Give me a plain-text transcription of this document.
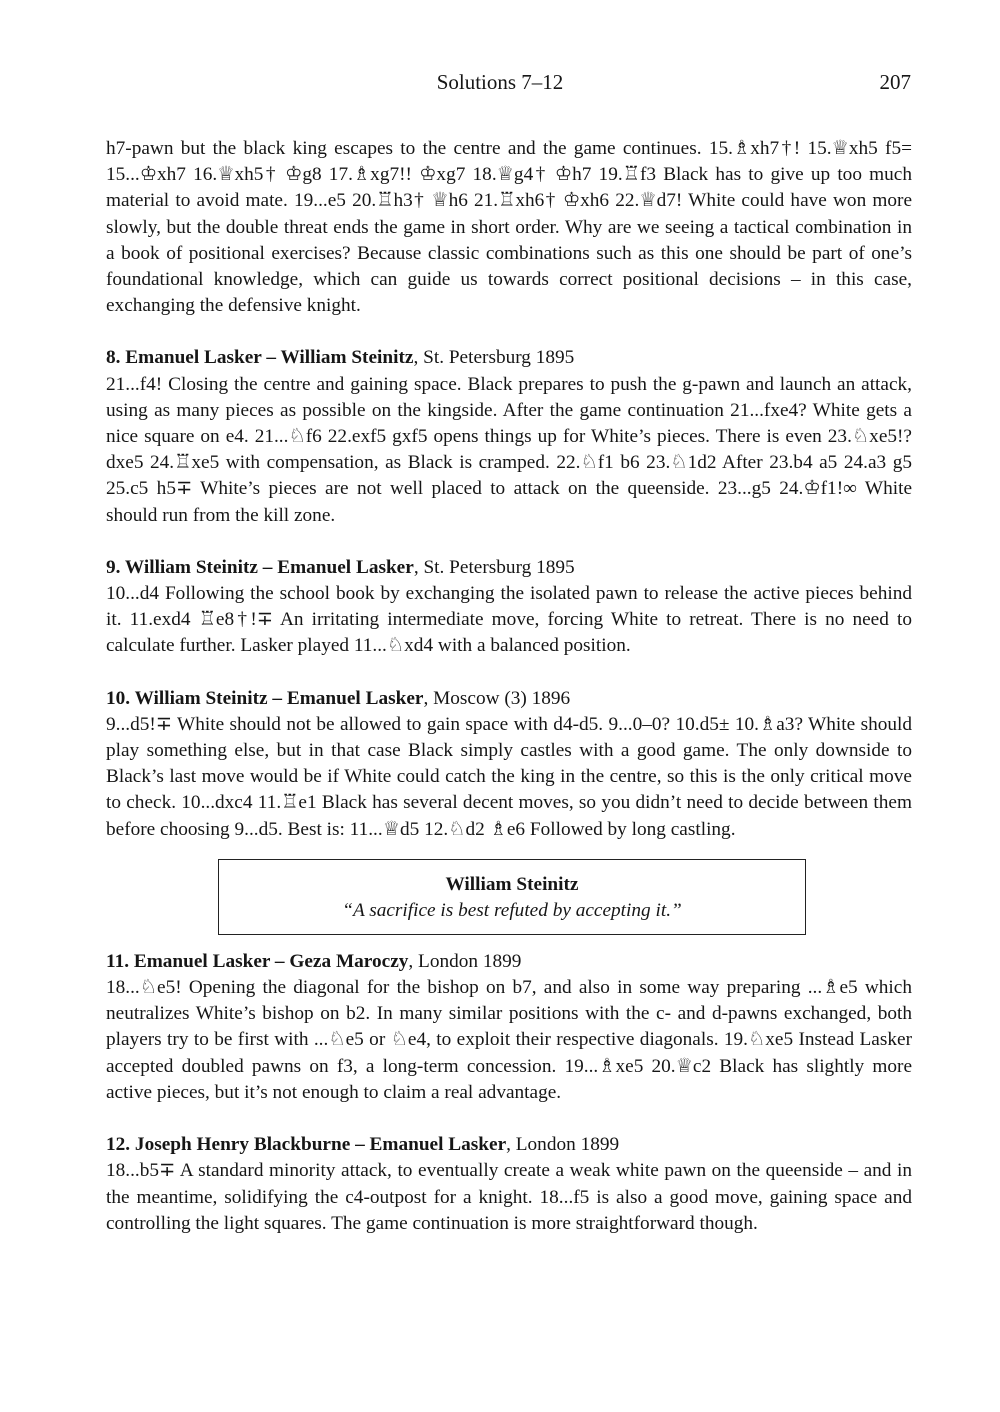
Solutions 7–12	207

h7-pawn but the black king escapes to the centre and the game continues. 15.♗xh7†! 15.♕xh5 f5= 15...♔xh7 16.♕xh5† ♔g8 17.♗xg7!! ♔xg7 18.♕g4† ♔h7 19.♖f3 Black has to give up too much material to avoid mate. 19...e5 20.♖h3† ♕h6 21.♖xh6† ♔xh6 22.♕d7! White could have won more slowly, but the double threat ends the game in short order. Why are we seeing a tactical combination in a book of positional exercises? Because classic combinations such as this one should be part of one’s foundational knowledge, which can guide us towards correct positional decisions – in this case, exchanging the defensive knight.

8. Emanuel Lasker – William Steinitz, St. Petersburg 1895

21...f4! Closing the centre and gaining space. Black prepares to push the g-pawn and launch an attack, using as many pieces as possible on the kingside. After the game continuation 21...fxe4? White gets a nice square on e4. 21...♘f6 22.exf5 gxf5 opens things up for White’s pieces. There is even 23.♘xe5!? dxe5 24.♖xe5 with compensation, as Black is cramped. 22.♘f1 b6 23.♘1d2 After 23.b4 a5 24.a3 g5 25.c5 h5∓ White’s pieces are not well placed to attack on the queenside. 23...g5 24.♔f1!∞ White should run from the kill zone.

9. William Steinitz – Emanuel Lasker, St. Petersburg 1895

10...d4 Following the school book by exchanging the isolated pawn to release the active pieces behind it. 11.exd4 ♖e8†!∓ An irritating intermediate move, forcing White to retreat. There is no need to calculate further. Lasker played 11...♘xd4 with a balanced position.

10. William Steinitz – Emanuel Lasker, Moscow (3) 1896

9...d5!∓ White should not be allowed to gain space with d4-d5. 9...0–0? 10.d5± 10.♗a3? White should play something else, but in that case Black simply castles with a good game. The only downside to Black’s last move would be if White could catch the king in the centre, so this is the only critical move to check. 10...dxc4 11.♖e1 Black has several decent moves, so you didn’t need to decide between them before choosing 9...d5. Best is: 11...♕d5 12.♘d2 ♗e6 Followed by long castling.

William Steinitz
“A sacrifice is best refuted by accepting it.”

11. Emanuel Lasker – Geza Maroczy, London 1899

18...♘e5! Opening the diagonal for the bishop on b7, and also in some way preparing ...♗e5 which neutralizes White’s bishop on b2. In many similar positions with the c- and d-pawns exchanged, both players try to be first with ...♘e5 or ♘e4, to exploit their respective diagonals. 19.♘xe5 Instead Lasker accepted doubled pawns on f3, a long-term concession. 19...♗xe5 20.♕c2 Black has slightly more active pieces, but it’s not enough to claim a real advantage.

12. Joseph Henry Blackburne – Emanuel Lasker, London 1899

18...b5∓ A standard minority attack, to eventually create a weak white pawn on the queenside – and in the meantime, solidifying the c4-outpost for a knight. 18...f5 is also a good move, gaining space and controlling the light squares. The game continuation is more straightforward though.
